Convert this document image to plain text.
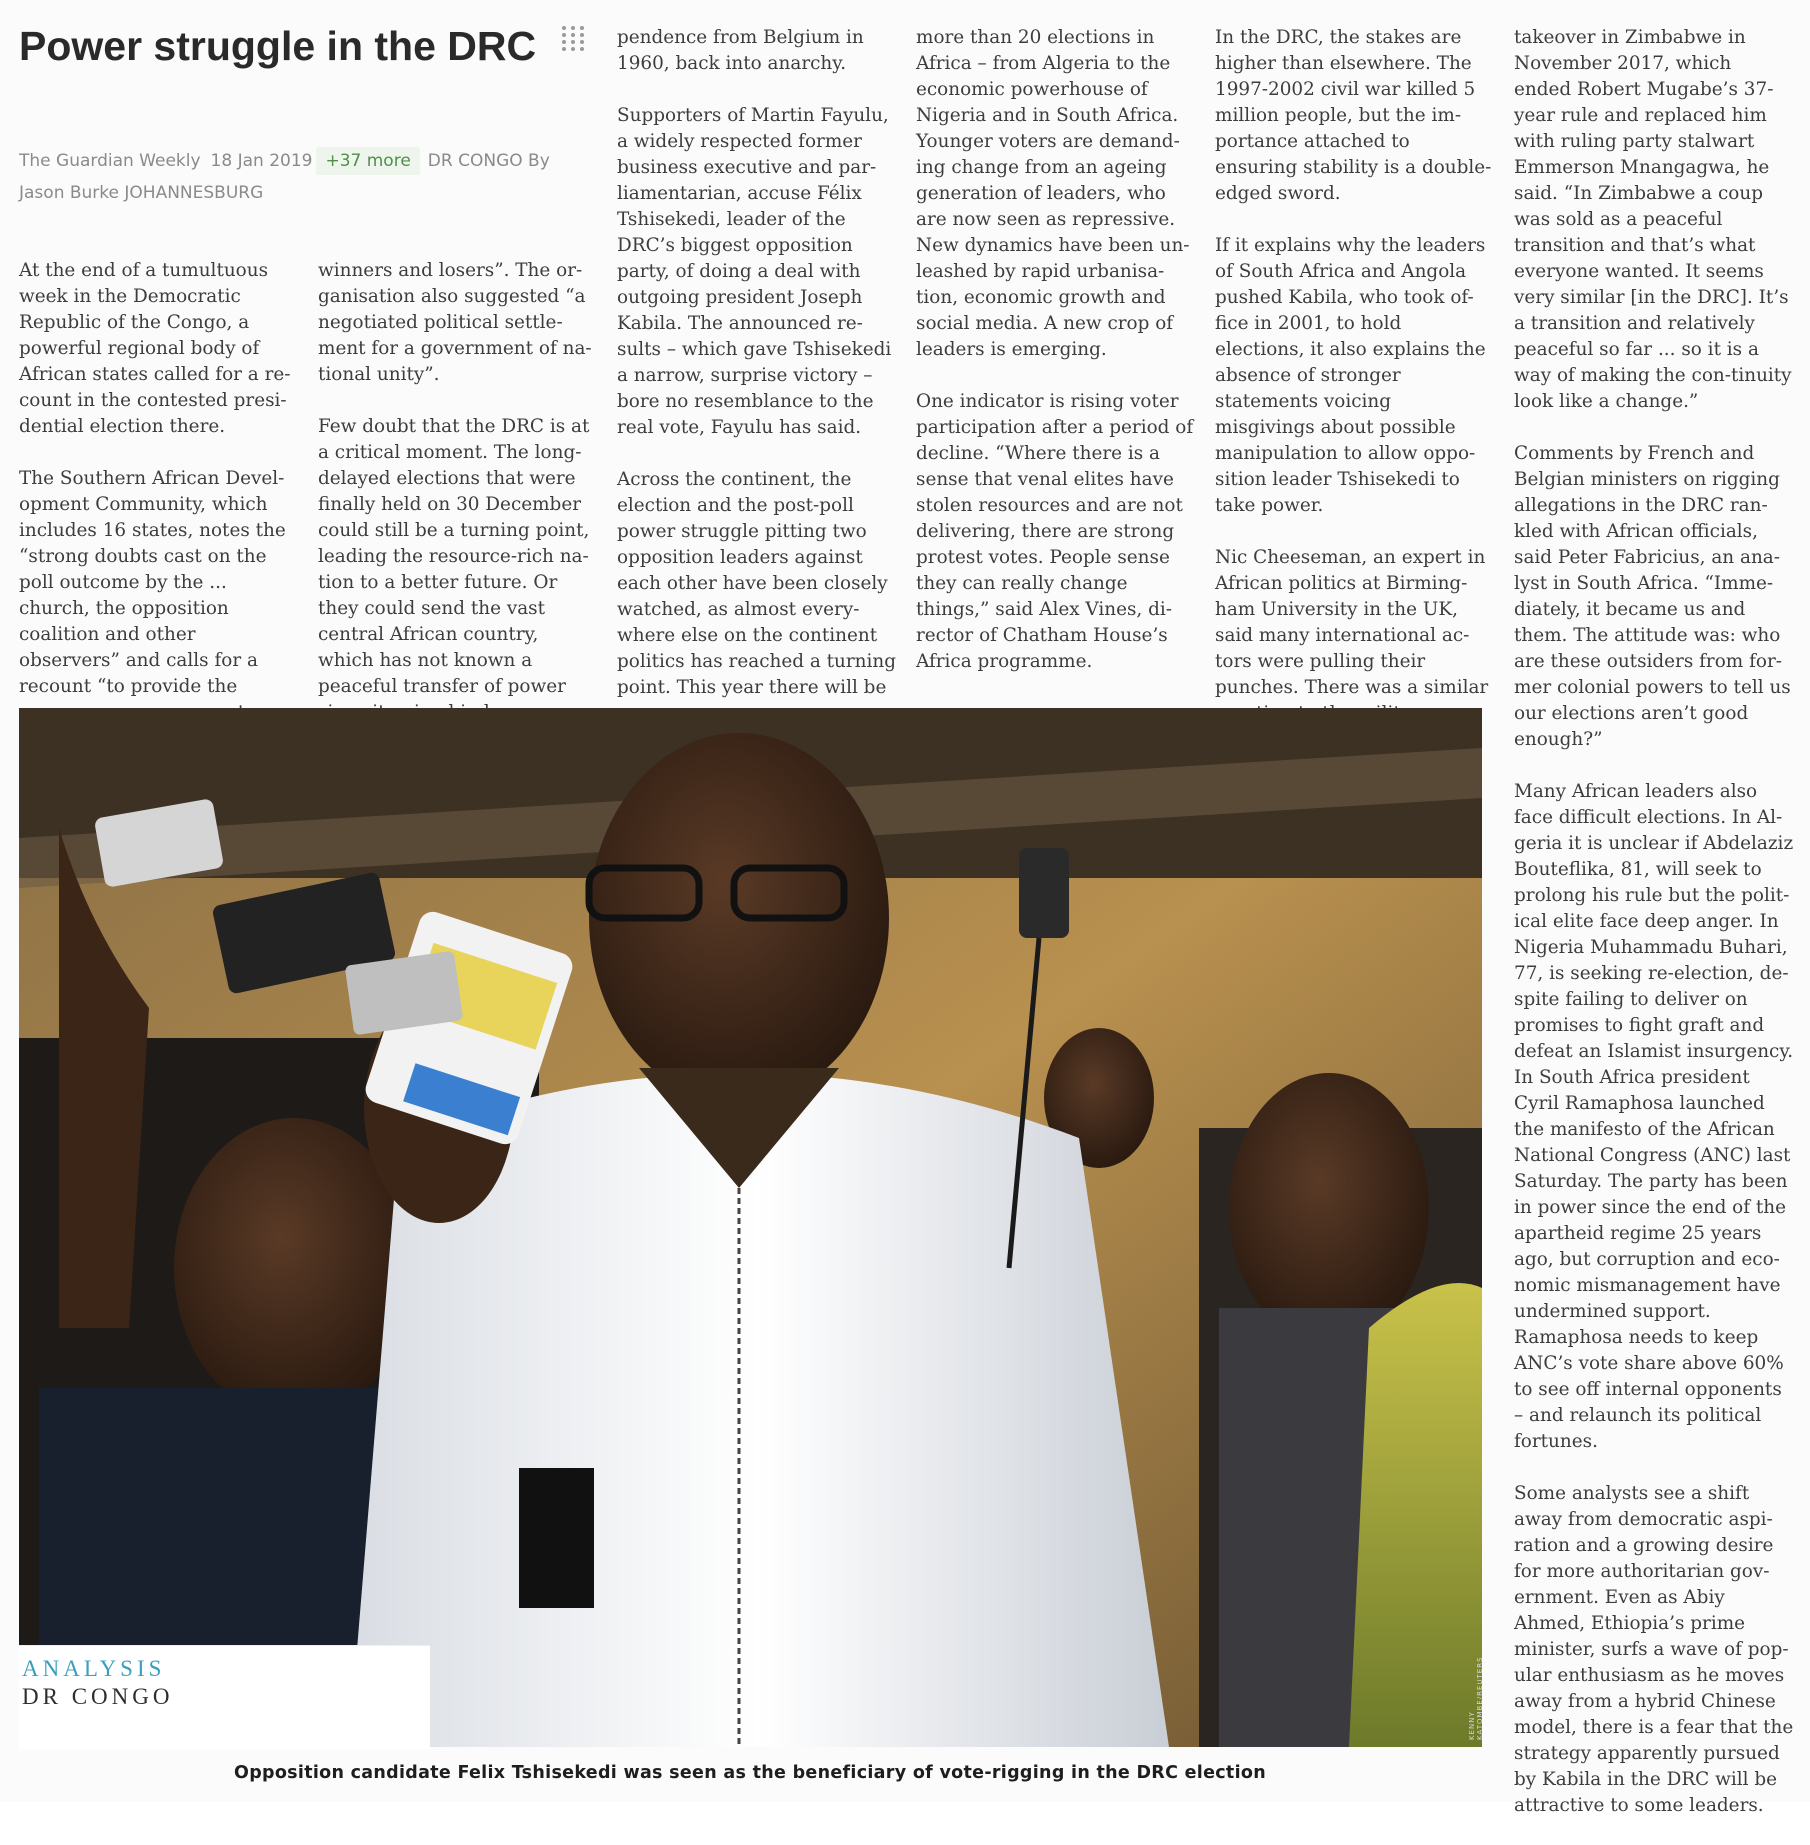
Power struggle in the DRC
The Guardian Weekly 18 Jan 2019 +37 more DR CONGO By Jason Burke JOHANNESBURG

At the end of a tumultuous week in the Democratic Republic of the Congo, a powerful regional body of African states called for a re-count in the contested presi-dential election there.

The Southern African Devel-opment Community, which includes 16 states, notes the “strong doubts cast on the poll outcome by the ... church, the opposition coalition and other observers” and calls for a recount “to provide the

winners and losers”. The or-ganisation also suggested “a negotiated political settle-ment for a government of na-tional unity”.

Few doubt that the DRC is at a critical moment. The long-delayed elections that were finally held on 30 December could still be a turning point, leading the resource-rich na-tion to a better future. Or they could send the vast central African country, which has not known a peaceful transfer of power

pendence from Belgium in 1960, back into anarchy.

Supporters of Martin Fayulu, a widely respected former business executive and par-liamentarian, accuse Félix Tshisekedi, leader of the DRC’s biggest opposition party, of doing a deal with outgoing president Joseph Kabila. The announced re-sults – which gave Tshisekedi a narrow, surprise victory – bore no resemblance to the real vote, Fayulu has said.

Across the continent, the election and the post-poll power struggle pitting two opposition leaders against each other have been closely watched, as almost every-where else on the continent politics has reached a turning point. This year there will be

more than 20 elections in Africa – from Algeria to the economic powerhouse of Nigeria and in South Africa. Younger voters are demand-ing change from an ageing generation of leaders, who are now seen as repressive. New dynamics have been un-leashed by rapid urbanisa-tion, economic growth and social media. A new crop of leaders is emerging.

One indicator is rising voter participation after a period of decline. “Where there is a sense that venal elites have stolen resources and are not delivering, there are strong protest votes. People sense they can really change things,” said Alex Vines, di-rector of Chatham House’s Africa programme.

In the DRC, the stakes are higher than elsewhere. The 1997-2002 civil war killed 5 million people, but the im-portance attached to ensuring stability is a double-edged sword.

If it explains why the leaders of South Africa and Angola pushed Kabila, who took of-fice in 2001, to hold elections, it also explains the absence of stronger statements voicing misgivings about possible manipulation to allow oppo-sition leader Tshisekedi to take power.

Nic Cheeseman, an expert in African politics at Birming-ham University in the UK, said many international ac-tors were pulling their punches. There was a similar

takeover in Zimbabwe in November 2017, which ended Robert Mugabe’s 37-year rule and replaced him with ruling party stalwart Emmerson Mnangagwa, he said. “In Zimbabwe a coup was sold as a peaceful transition and that’s what everyone wanted. It seems very similar [in the DRC]. It’s a transition and relatively peaceful so far ... so it is a way of making the con-tinuity look like a change.”

Comments by French and Belgian ministers on rigging allegations in the DRC ran-kled with African officials, said Peter Fabricius, an ana-lyst in South Africa. “Imme-diately, it became us and them. The attitude was: who are these outsiders from for-mer colonial powers to tell us our elections aren’t good enough?”

Many African leaders also face difficult elections. In Al-geria it is unclear if Abdelaziz Bouteflika, 81, will seek to prolong his rule but the polit-ical elite face deep anger. In Nigeria Muhammadu Buhari, 77, is seeking re-election, de-spite failing to deliver on promises to fight graft and defeat an Islamist insurgency. In South Africa president Cyril Ramaphosa launched the manifesto of the African National Congress (ANC) last Saturday. The party has been in power since the end of the apartheid regime 25 years ago, but corruption and eco-nomic mismanagement have undermined support. Ramaphosa needs to keep ANC’s vote share above 60% to see off internal opponents – and relaunch its political fortunes.

Some analysts see a shift away from democratic aspi-ration and a growing desire for more authoritarian gov-ernment. Even as Abiy Ahmed, Ethiopia’s prime minister, surfs a wave of pop-ular enthusiasm as he moves away from a hybrid Chinese model, there is a fear that the strategy apparently pursued by Kabila in the DRC will be attractive to some leaders.

ANALYSIS
DR CONGO
KENNY KATOMBE/REUTERS
Opposition candidate Felix Tshisekedi was seen as the beneficiary of vote-rigging in the DRC election
